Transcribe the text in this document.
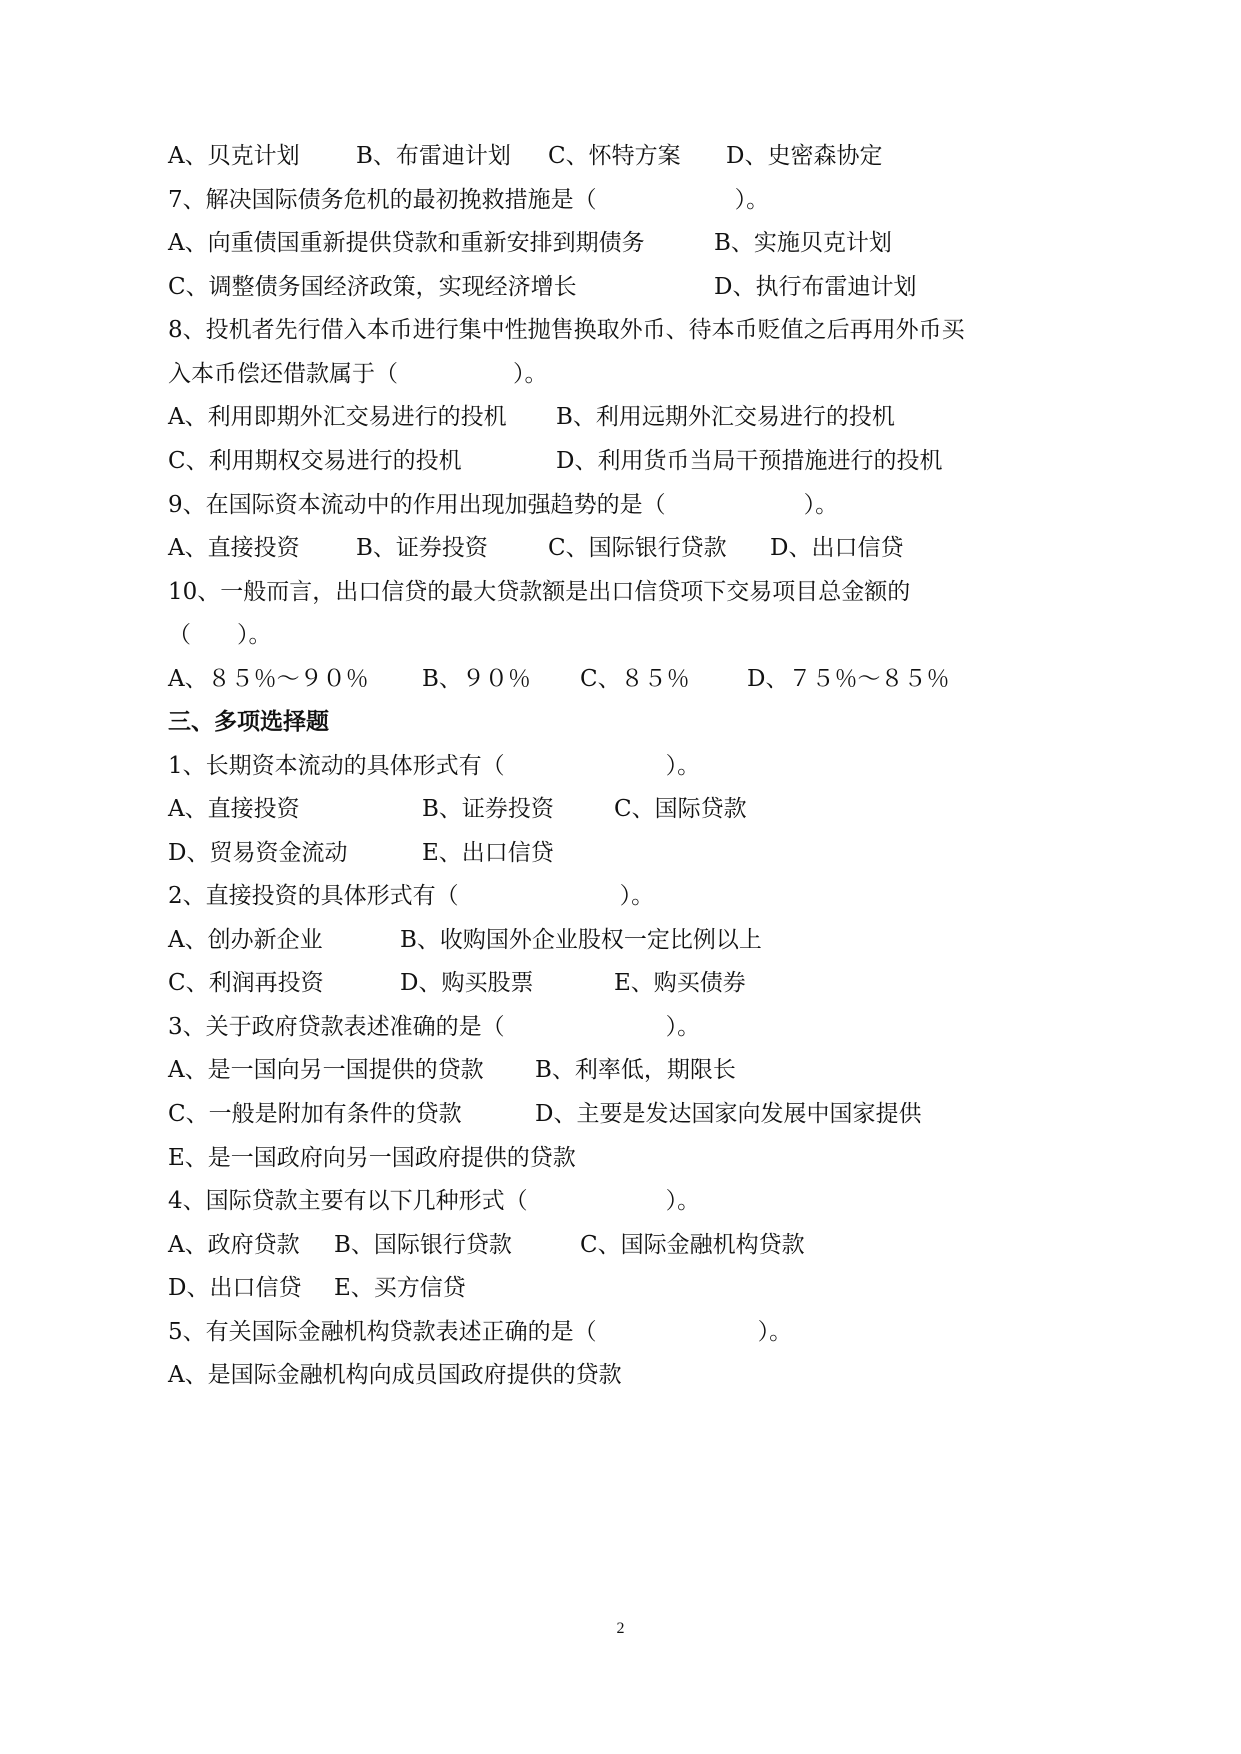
A、贝克计划 B、布雷迪计划 C、怀特方案 D、史密森协定
7、解决国际债务危机的最初挽救措施是（　　　　　　）。
A、向重债国重新提供贷款和重新安排到期债务	B、实施贝克计划
C、调整债务国经济政策，实现经济增长	D、执行布雷迪计划
8、投机者先行借入本币进行集中性抛售换取外币、待本币贬值之后再用外币买
入本币偿还借款属于（　　　　　）。
A、利用即期外汇交易进行的投机 B、利用远期外汇交易进行的投机
C、利用期权交易进行的投机	D、利用货币当局干预措施进行的投机
9、在国际资本流动中的作用出现加强趋势的是（　　　　　　）。
A、直接投资 B、证券投资	C、国际银行贷款 D、出口信贷
10、一般而言，出口信贷的最大贷款额是出口信贷项下交易项目总金额的
（　　）。
A、８５％～９０％ B、９０％ C、８５％ D、７５％～８５％
三、多项选择题
1、长期资本流动的具体形式有（　　　　　　　）。
A、直接投资	B、证券投资	C、国际贷款
D、贸易资金流动	E、出口信贷
2、直接投资的具体形式有（　　　　　　　）。
A、创办新企业	B、收购国外企业股权一定比例以上
C、利润再投资	D、购买股票	E、购买债券
3、关于政府贷款表述准确的是（　　　　　　　）。
A、是一国向另一国提供的贷款 B、利率低，期限长
C、一般是附加有条件的贷款	D、主要是发达国家向发展中国家提供
E、是一国政府向另一国政府提供的贷款
4、国际贷款主要有以下几种形式（　　　　　　）。
A、政府贷款 B、国际银行贷款	C、国际金融机构贷款
D、出口信贷 E、买方信贷
5、有关国际金融机构贷款表述正确的是（　　　　　　　）。
A、是国际金融机构向成员国政府提供的贷款
2
